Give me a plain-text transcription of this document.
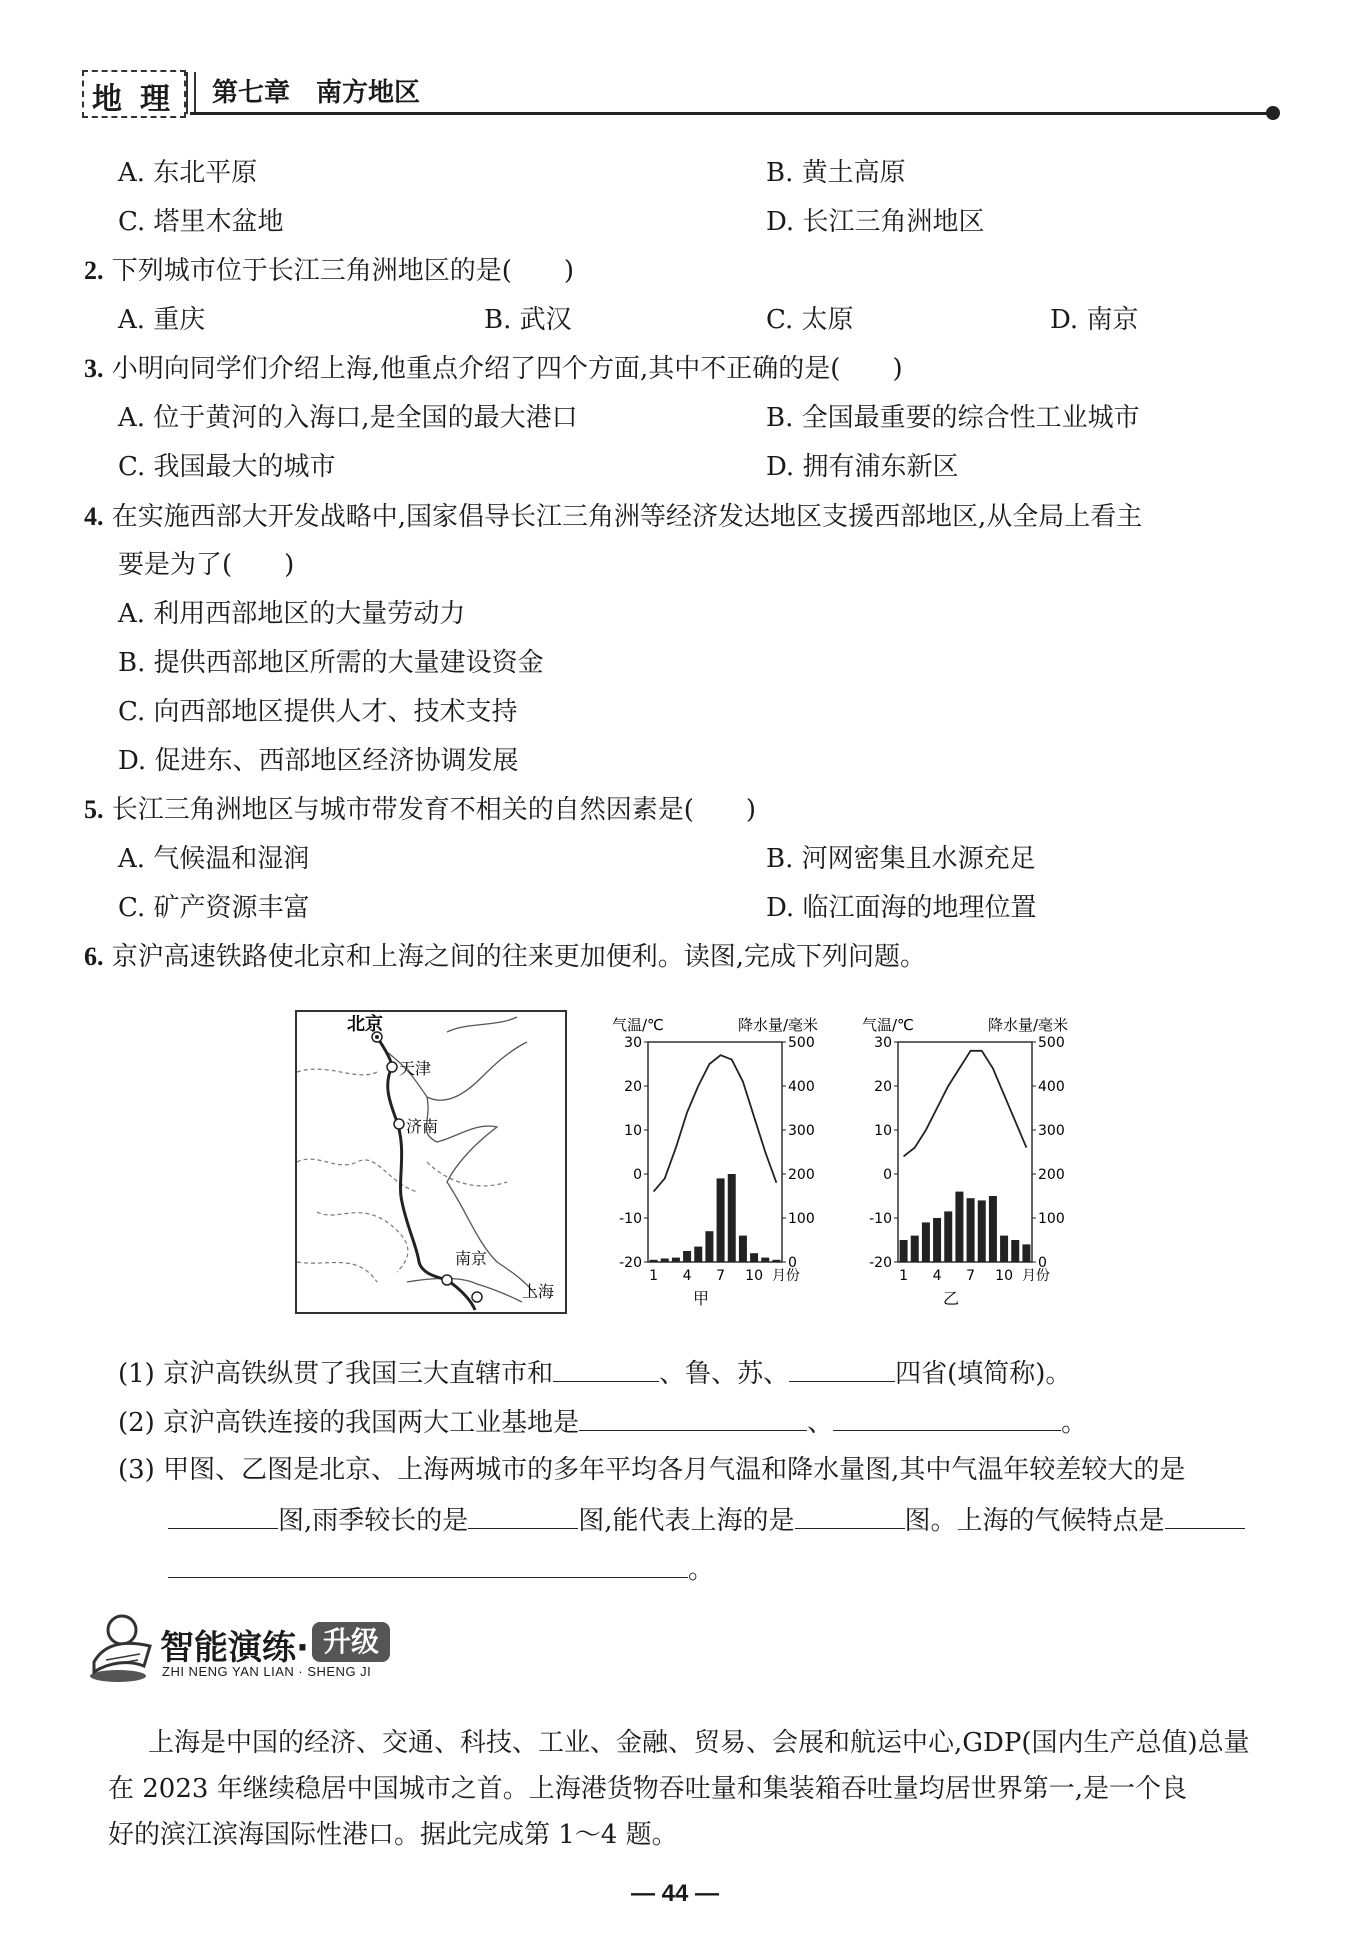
地 理 第七章　南方地区
A. 东北平原	B. 黄土高原
C. 塔里木盆地	D. 长江三角洲地区
2. 下列城市位于长江三角洲地区的是(　　)
A. 重庆	B. 武汉	C. 太原	D. 南京
3. 小明向同学们介绍上海,他重点介绍了四个方面,其中不正确的是(　　)
A. 位于黄河的入海口,是全国的最大港口	B. 全国最重要的综合性工业城市
C. 我国最大的城市	D. 拥有浦东新区
4. 在实施西部大开发战略中,国家倡导长江三角洲等经济发达地区支援西部地区,从全局上看主
要是为了(　　)
A. 利用西部地区的大量劳动力
B. 提供西部地区所需的大量建设资金
C. 向西部地区提供人才、技术支持
D. 促进东、西部地区经济协调发展
5. 长江三角洲地区与城市带发育不相关的自然因素是(　　)
A. 气候温和湿润	B. 河网密集且水源充足
C. 矿产资源丰富	D. 临江面海的地理位置
6. 京沪高速铁路使北京和上海之间的往来更加便利。读图,完成下列问题。
北京
天津
济南
南京
上海
气温/℃	降水量/毫米
30
20
10
0
-10
-20
500
400
300
200
100
0
1 4 7 10 月份
甲
气温/℃	降水量/毫米
30
20
10
0
-10
-20
500
400
300
200
100
0
1 4 7 10 月份
乙
(1) 京沪高铁纵贯了我国三大直辖市和	、鲁、苏、	四省(填简称)。
(2) 京沪高铁连接的我国两大工业基地是	、	。
(3) 甲图、乙图是北京、上海两城市的多年平均各月气温和降水量图,其中气温年较差较大的是
图,雨季较长的是	图,能代表上海的是	图。上海的气候特点是
。
智能演练· 升级
ZHI NENG YAN LIAN · SHENG JI
上海是中国的经济、交通、科技、工业、金融、贸易、会展和航运中心,GDP(国内生产总值)总量
在 2023 年继续稳居中国城市之首。上海港货物吞吐量和集装箱吞吐量均居世界第一,是一个良
好的滨江滨海国际性港口。据此完成第 1～4 题。
— 44 —
